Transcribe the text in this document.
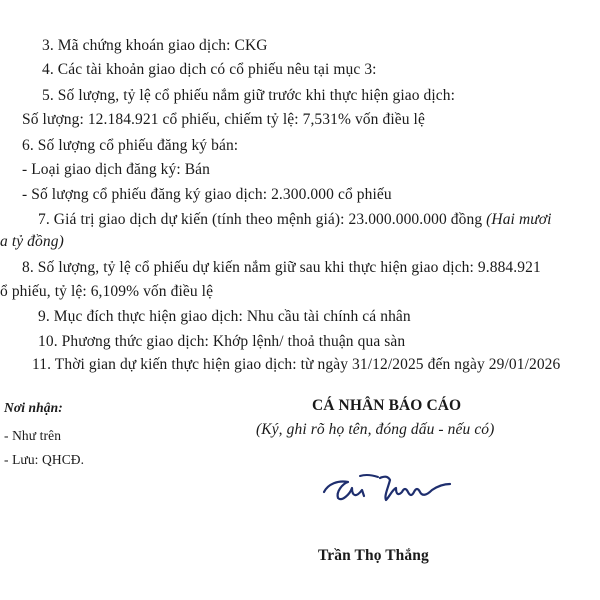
3. Mã chứng khoán giao dịch: CKG
4. Các tài khoản giao dịch có cổ phiếu nêu tại mục 3:
5. Số lượng, tỷ lệ cổ phiếu nắm giữ trước khi thực hiện giao dịch:
Số lượng: 12.184.921 cổ phiếu, chiếm tỷ lệ: 7,531% vốn điều lệ
6. Số lượng cổ phiếu đăng ký bán:
- Loại giao dịch đăng ký: Bán
- Số lượng cổ phiếu đăng ký giao dịch: 2.300.000 cổ phiếu
7. Giá trị giao dịch dự kiến (tính theo mệnh giá): 23.000.000.000 đồng (Hai mươi
a tỷ đồng)
8. Số lượng, tỷ lệ cổ phiếu dự kiến nắm giữ sau khi thực hiện giao dịch: 9.884.921
ổ phiếu, tỷ lệ: 6,109% vốn điều lệ
9. Mục đích thực hiện giao dịch: Nhu cầu tài chính cá nhân
10. Phương thức giao dịch: Khớp lệnh/ thoả thuận qua sàn
11. Thời gian dự kiến thực hiện giao dịch: từ ngày 31/12/2025 đến ngày 29/01/2026
Nơi nhận:
- Như trên
- Lưu: QHCĐ.
CÁ NHÂN BÁO CÁO
(Ký, ghi rõ họ tên, đóng dấu - nếu có)
Trần Thọ Thắng
